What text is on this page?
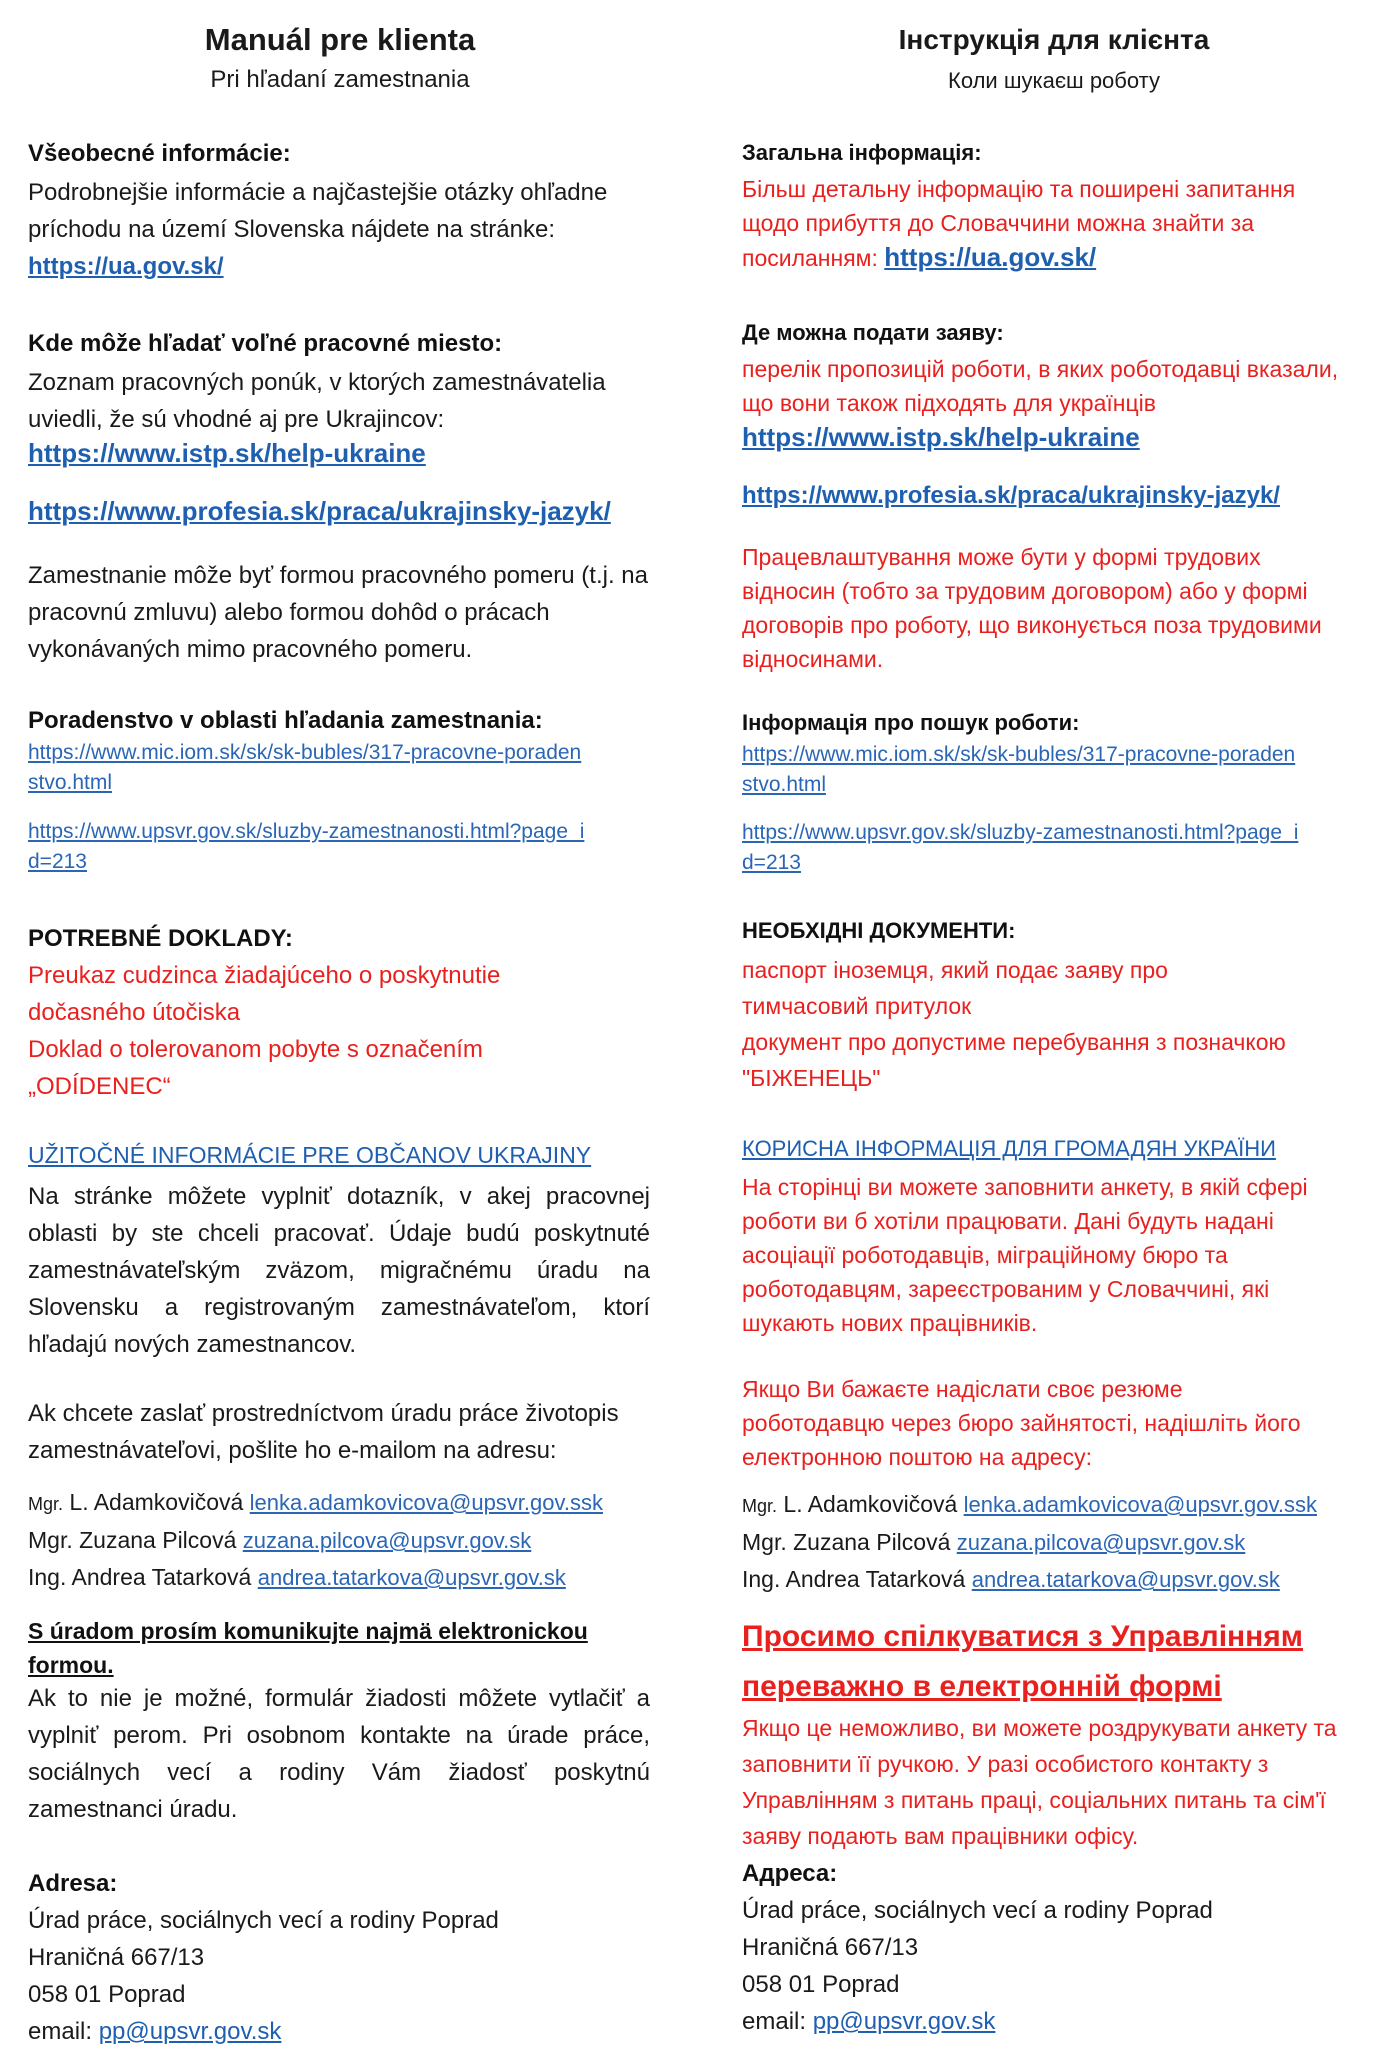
Manuál pre klienta
Pri hľadaní zamestnania
Všeobecné informácie:
Podrobnejšie informácie a najčastejšie otázky ohľadne príchodu na území Slovenska nájdete na stránke: https://ua.gov.sk/
Kde môže hľadať voľné pracovné miesto:
Zoznam pracovných ponúk, v ktorých zamestnávatelia uviedli, že sú vhodné aj pre Ukrajincov:
https://www.istp.sk/help-ukraine
https://www.profesia.sk/praca/ukrajinsky-jazyk/
Zamestnanie môže byť formou pracovného pomeru (t.j. na pracovnú zmluvu) alebo formou dohôd o prácach vykonávaných mimo pracovného pomeru.
Poradenstvo v oblasti hľadania zamestnania:
https://www.mic.iom.sk/sk/sk-bubles/317-pracovne-poradenstvo.html
https://www.upsvr.gov.sk/sluzby-zamestnanosti.html?page_id=213
POTREBNÉ DOKLADY:
Preukaz cudzinca žiadajúceho o poskytnutie dočasného útočiska
Doklad o tolerovanom pobyte s označením „ODÍDENEC“
UŽITOČNÉ INFORMÁCIE PRE OBČANOV UKRAJINY
Na stránke môžete vyplniť dotazník, v akej pracovnej oblasti by ste chceli pracovať. Údaje budú poskytnuté zamestnávateľským zväzom, migračnému úradu na Slovensku a registrovaným zamestnávateľom, ktorí hľadajú nových zamestnancov.
Ak chcete zaslať prostredníctvom úradu práce životopis zamestnávateľovi, pošlite ho e-mailom na adresu:
Mgr. L. Adamkovičová lenka.adamkovicova@upsvr.gov.ssk
Mgr. Zuzana Pilcová zuzana.pilcova@upsvr.gov.sk
Ing. Andrea Tatarková andrea.tatarkova@upsvr.gov.sk
S úradom prosím komunikujte najmä elektronickou formou.
Ak to nie je možné, formulár žiadosti môžete vytlačiť a vyplniť perom. Pri osobnom kontakte na úrade práce, sociálnych vecí a rodiny Vám žiadosť poskytnú zamestnanci úradu.
Adresa:
Úrad práce, sociálnych vecí a rodiny Poprad
Hraničná 667/13
058 01 Poprad
email: pp@upsvr.gov.sk
Інструкція для клієнта
Коли шукаєш роботу
Загальна інформація:
Більш детальну інформацію та поширені запитання щодо прибуття до Словаччини можна знайти за посиланням: https://ua.gov.sk/
Де можна подати заяву:
перелік пропозицій роботи, в яких роботодавці вказали, що вони також підходять для українців
https://www.istp.sk/help-ukraine
https://www.profesia.sk/praca/ukrajinsky-jazyk/
Працевлаштування може бути у формі трудових відносин (тобто за трудовим договором) або у формі договорів про роботу, що виконується поза трудовими відносинами.
Інформація про пошук роботи:
https://www.mic.iom.sk/sk/sk-bubles/317-pracovne-poradenstvo.html
https://www.upsvr.gov.sk/sluzby-zamestnanosti.html?page_id=213
НЕОБХІДНІ ДОКУМЕНТИ:
паспорт іноземця, який подає заяву про тимчасовий притулок
документ про допустиме перебування з позначкою "БІЖЕНЕЦЬ"
КОРИСНА ІНФОРМАЦІЯ ДЛЯ ГРОМАДЯН УКРАЇНИ
На сторінці ви можете заповнити анкету, в якій сфері роботи ви б хотіли працювати. Дані будуть надані асоціації роботодавців, міграційному бюро та роботодавцям, зареєстрованим у Словаччині, які шукають нових працівників.
Якщо Ви бажаєте надіслати своє резюме роботодавцю через бюро зайнятості, надішліть його електронною поштою на адресу:
Mgr. L. Adamkovičová lenka.adamkovicova@upsvr.gov.ssk
Mgr. Zuzana Pilcová zuzana.pilcova@upsvr.gov.sk
Ing. Andrea Tatarková andrea.tatarkova@upsvr.gov.sk
Просимо спілкуватися з Управлінням переважно в електронній формі
Якщо це неможливо, ви можете роздрукувати анкету та заповнити її ручкою. У разі особистого контакту з Управлінням з питань праці, соціальних питань та сім'ї заяву подають вам працівники офісу.
Адреса:
Úrad práce, sociálnych vecí a rodiny Poprad
Hraničná 667/13
058 01 Poprad
email: pp@upsvr.gov.sk
